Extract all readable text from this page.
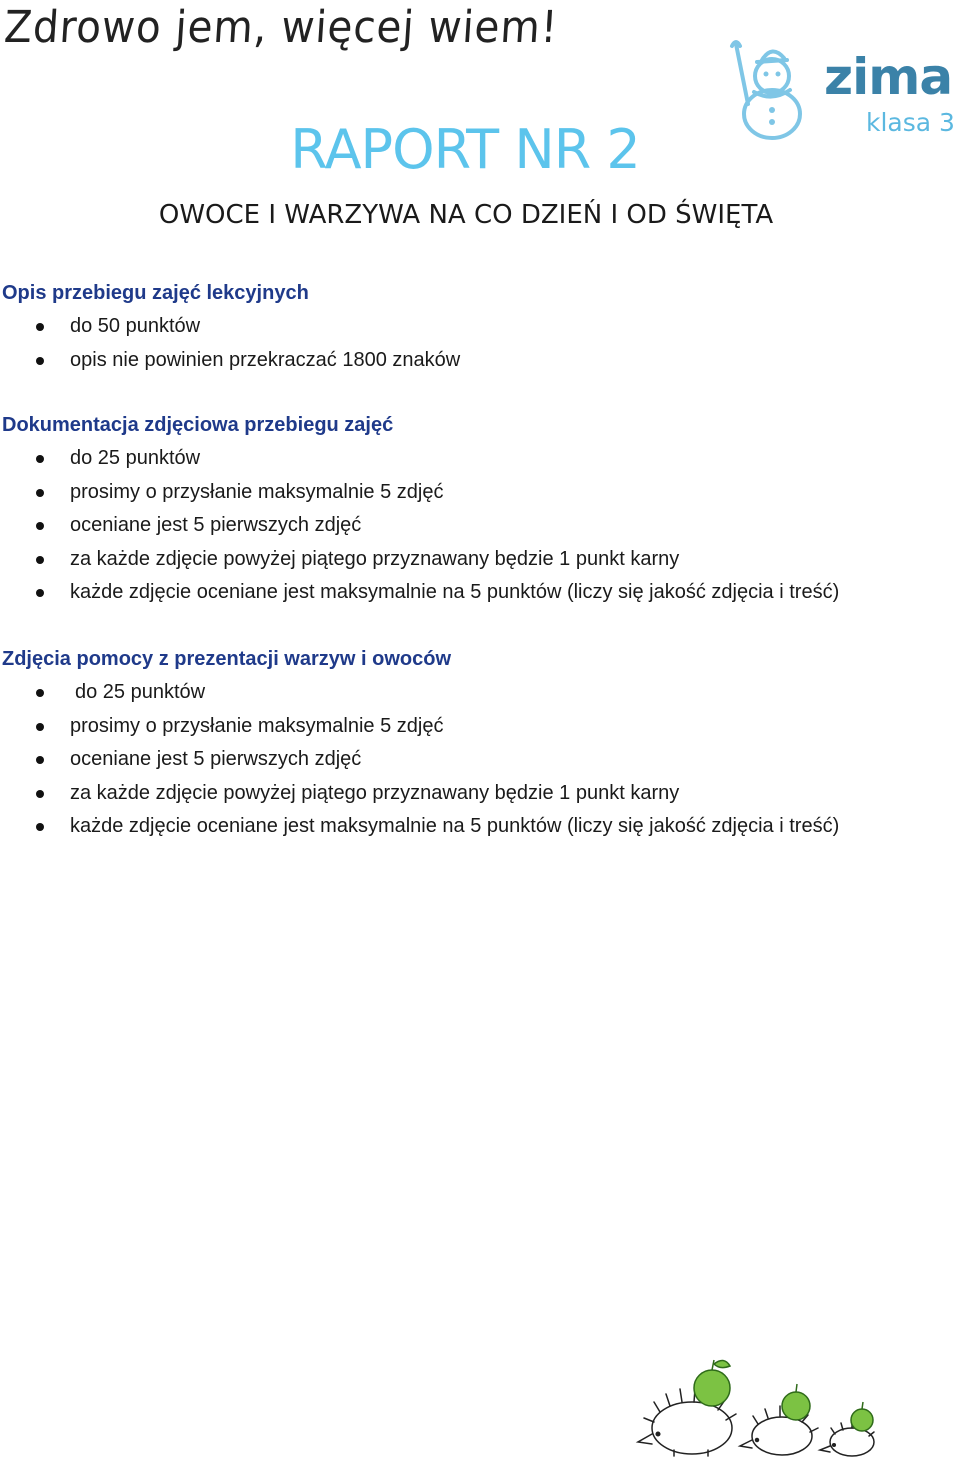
Zdrowo jem, więcej wiem!
zima
klasa 3
RAPORT NR 2
OWOCE I WARZYWA NA CO DZIEŃ I OD ŚWIĘTA
Opis przebiegu zajęć lekcyjnych
do 50 punktów
opis nie powinien przekraczać 1800 znaków
Dokumentacja zdjęciowa przebiegu zajęć
do 25 punktów
prosimy o przysłanie maksymalnie 5 zdjęć
oceniane jest 5 pierwszych zdjęć
za każde zdjęcie powyżej piątego przyznawany będzie 1 punkt karny
każde zdjęcie oceniane jest maksymalnie na 5 punktów (liczy się jakość zdjęcia i treść)
Zdjęcia pomocy z prezentacji warzyw i owoców
do 25 punktów
prosimy o przysłanie maksymalnie 5 zdjęć
oceniane jest 5 pierwszych zdjęć
za każde zdjęcie powyżej piątego przyznawany będzie 1 punkt karny
każde zdjęcie oceniane jest maksymalnie na 5 punktów (liczy się jakość zdjęcia i treść)
